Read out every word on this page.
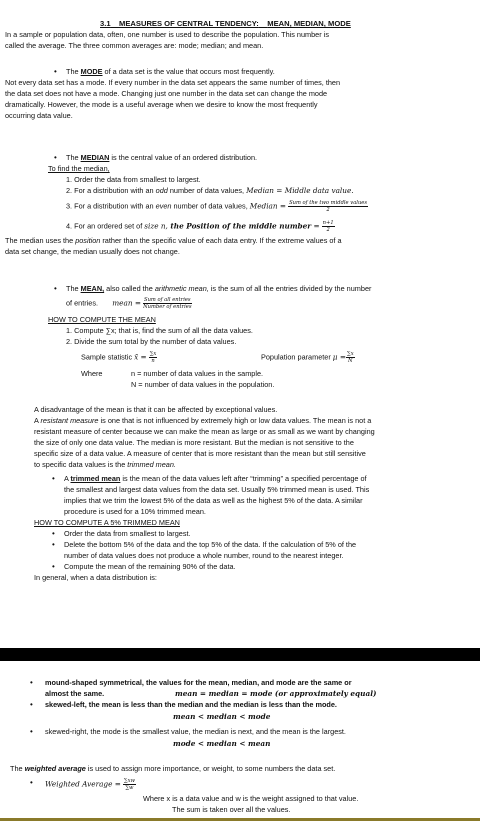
3.1 MEASURES OF CENTRAL TENDENCY: MEAN, MEDIAN, MODE
In a sample or population data, often, one number is used to describe the population. This number is
called the average. The three common averages are: mode; median; and mean.
• The MODE of a data set is the value that occurs most frequently.
Not every data set has a mode. If every number in the data set appears the same number of times, then
the data set does not have a mode. Changing just one number in the data set can change the mode
dramatically. However, the mode is a useful average when we desire to know the most frequently
occurring data value.
• The MEDIAN is the central value of an ordered distribution.
To find the median,
1. Order the data from smallest to largest.
2. For a distribution with an odd number of data values, Median = Middle data value.
3. For a distribution with an even number of data values, Median = $\frac{\text{Sum of the two middle values}}{2}$
4. For an ordered set of size n, the Position of the middle number = $\frac{n+1}{2}$
The median uses the position rather than the specific value of each data entry. If the extreme values of a
data set change, the median usually does not change.
• The MEAN, also called the arithmetic mean, is the sum of all the entries divided by the number
of entries. mean = $\frac{\text{Sum of all entries}}{\text{Number of entries}}$
HOW TO COMPUTE THE MEAN
1. Compute ∑x; that is, find the sum of all the data values.
2. Divide the sum total by the number of data values.
Sample statistic x̄ = $\frac{\sum x}{n}$	Population parameter $\mu = \frac{\sum x}{N}$
Where	n = number of data values in the sample.
N = number of data values in the population.
A disadvantage of the mean is that it can be affected by exceptional values.
A resistant measure is one that is not influenced by extremely high or low data values. The mean is not a
resistant measure of center because we can make the mean as large or as small as we want by changing
the size of only one data value. The median is more resistant. But the median is not sensitive to the
specific size of a data value. A measure of center that is more resistant than the mean but still sensitive
to specific data values is the trimmed mean.
• A trimmed mean is the mean of the data values left after “trimming” a specified percentage of
the smallest and largest data values from the data set. Usually 5% trimmed mean is used. This
implies that we trim the lowest 5% of the data as well as the highest 5% of the data. A similar
procedure is used for a 10% trimmed mean.
HOW TO COMPUTE A 5% TRIMMED MEAN
• Order the data from smallest to largest.
• Delete the bottom 5% of the data and the top 5% of the data. If the calculation of 5% of the
number of data values does not produce a whole number, round to the nearest integer.
• Compute the mean of the remaining 90% of the data.
In general, when a data distribution is:
• mound-shaped symmetrical, the values for the mean, median, and mode are the same or
almost the same.	mean = median = mode (or approximately equal)
• skewed-left, the mean is less than the median and the median is less than the mode.
mean < median < mode
• skewed-right, the mode is the smallest value, the median is next, and the mean is the largest.
mode < median < mean
The weighted average is used to assign more importance, or weight, to some numbers the data set.
• Weighted Average = $\frac{\sum xw}{\sum w}$
Where x is a data value and w is the weight assigned to that value.
The sum is taken over all the values.
